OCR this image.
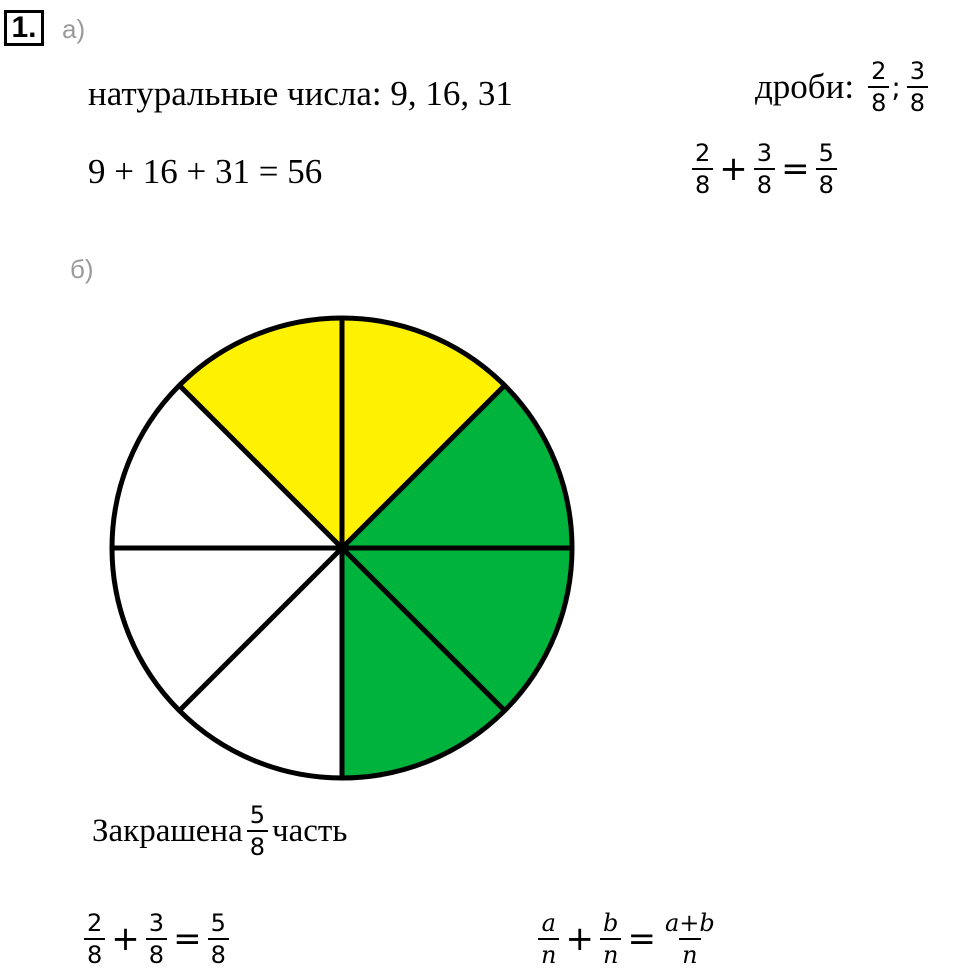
1. а)
натуральные числа: 9, 16, 31	дроби: $\frac{2}{8}$ ; $\frac{3}{8}$
9 + 16 + 31 = 56	$\frac{2}{8} + \frac{3}{8} = \frac{5}{8}$
б)
Закрашена $\frac{5}{8}$ часть
$\frac{2}{8} + \frac{3}{8} = \frac{5}{8}$	$\frac{a}{n} + \frac{b}{n} = \frac{a+b}{n}$
